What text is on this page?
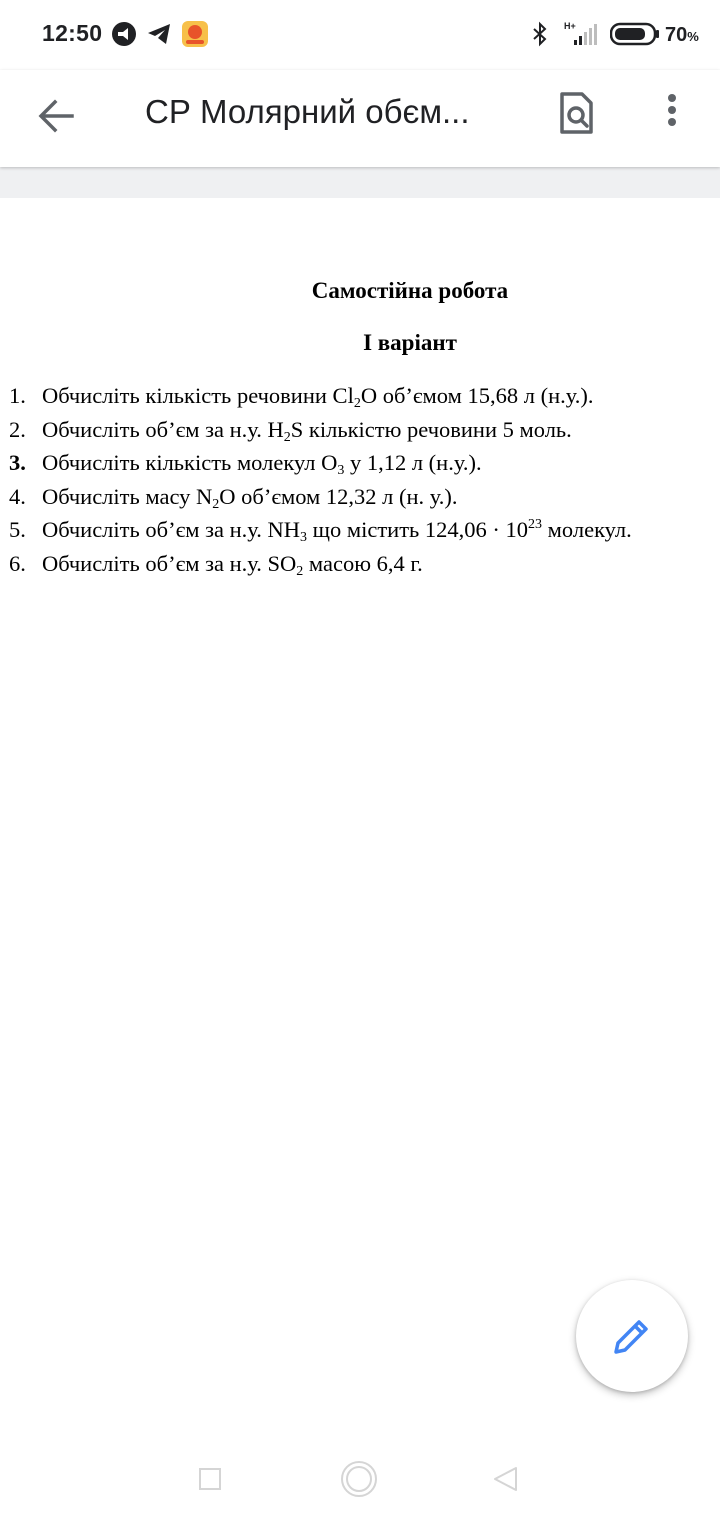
12:50	H+	70%
СР Молярний обєм...
Самостійна робота
І варіант
1. Обчисліть кількість речовини $Cl_2O$ об’ємом 15,68 л (н.у.).
2. Обчисліть об’єм за н.у. $H_2S$ кількістю речовини 5 моль.
3. Обчисліть кількість молекул $O_3$ у 1,12 л (н.у.).
4. Обчисліть масу $N_2O$ об’ємом 12,32 л (н. у.).
5. Обчисліть об’єм за н.у. $NH_3$ що містить $124,06 \cdot 10^{23}$ молекул.
6. Обчисліть об’єм за н.у. $SO_2$ масою 6,4 г.
